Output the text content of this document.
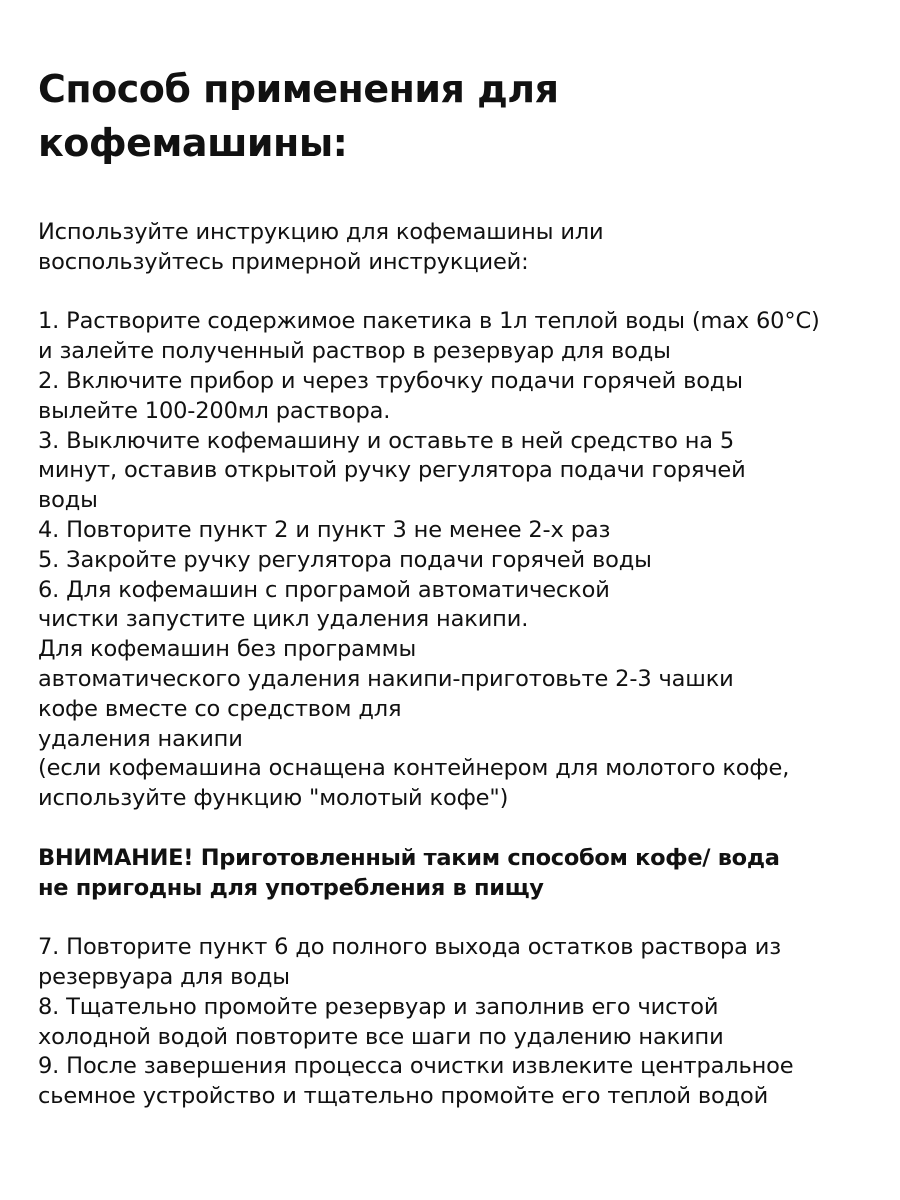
Способ применения для
кофемашины:
Используйте инструкцию для кофемашины или
воспользуйтесь примерной инструкцией:
1. Растворите содержимое пакетика в 1л теплой воды (max 60°C)
и залейте полученный раствор в резервуар для воды
2. Включите прибор и через трубочку подачи горячей воды
вылейте 100-200мл раствора.
3. Выключите кофемашину и оставьте в ней средство на 5
минут, оставив открытой ручку регулятора подачи горячей
воды
4. Повторите пункт 2 и пункт 3 не менее 2-х раз
5. Закройте ручку регулятора подачи горячей воды
6. Для кофемашин с програмой автоматической
чистки запустите цикл удаления накипи.
Для кофемашин без программы
автоматического удаления накипи-приготовьте 2-3 чашки
кофе вместе со средством для
удаления накипи
(если кофемашина оснащена контейнером для молотого кофе,
используйте функцию "молотый кофе")
ВНИМАНИЕ! Приготовленный таким способом кофе/ вода
не пригодны для употребления в пищу
7. Повторите пункт 6 до полного выхода остатков раствора из
резервуара для воды
8. Тщательно промойте резервуар и заполнив его чистой
холодной водой повторите все шаги по удалению накипи
9. После завершения процесса очистки извлеките центральное
сьемное устройство и тщательно промойте его теплой водой
